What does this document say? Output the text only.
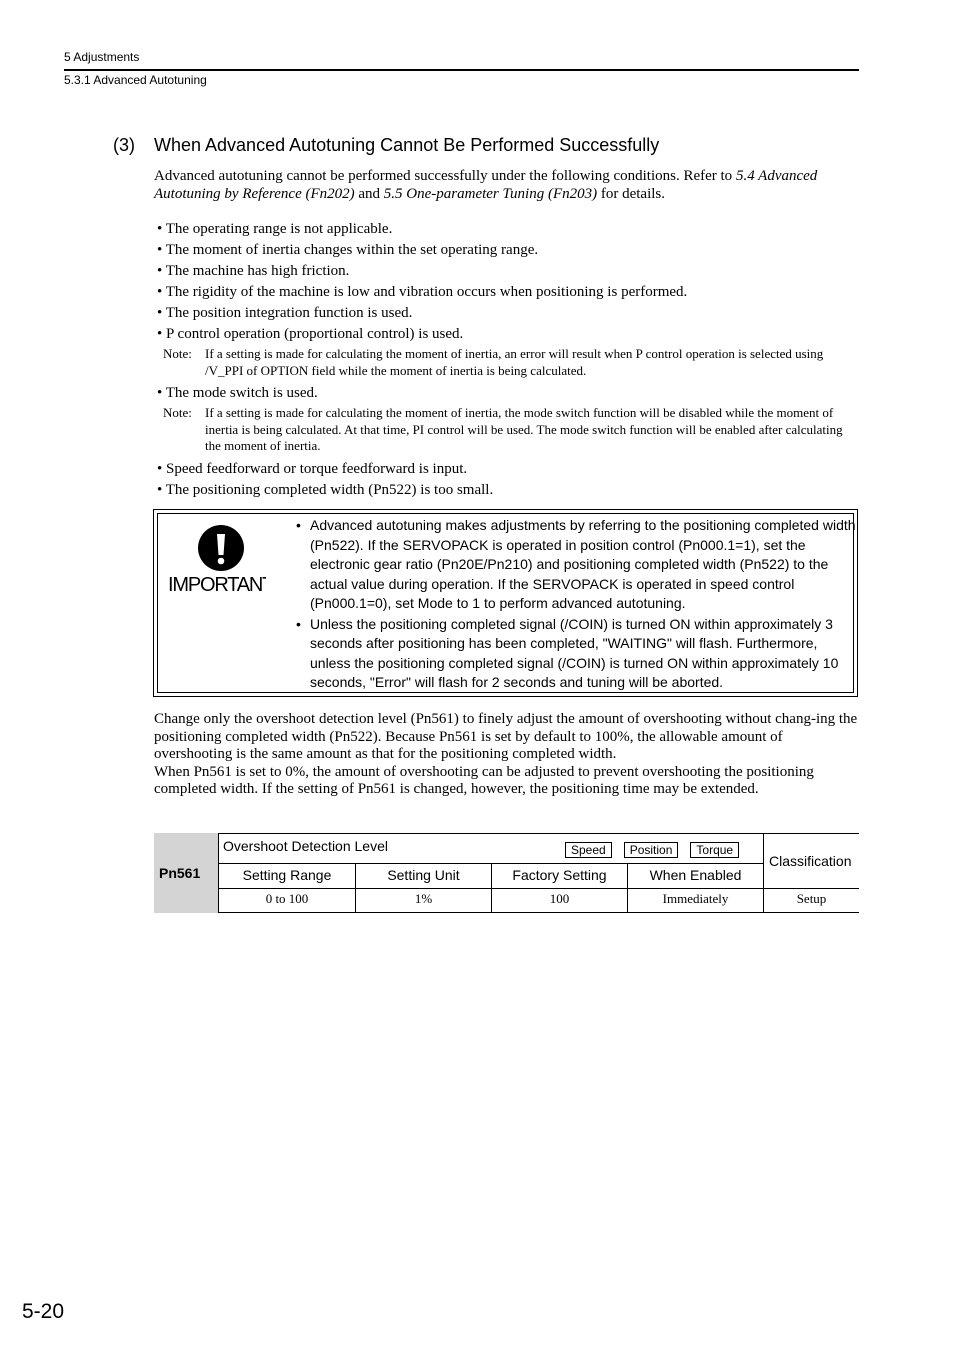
5 Adjustments
5.3.1 Advanced Autotuning
(3) When Advanced Autotuning Cannot Be Performed Successfully
Advanced autotuning cannot be performed successfully under the following conditions. Refer to 5.4 Advanced Autotuning by Reference (Fn202) and 5.5 One-parameter Tuning (Fn203) for details.
• The operating range is not applicable.
• The moment of inertia changes within the set operating range.
• The machine has high friction.
• The rigidity of the machine is low and vibration occurs when positioning is performed.
• The position integration function is used.
• P control operation (proportional control) is used.
Note: If a setting is made for calculating the moment of inertia, an error will result when P control operation is selected using /V_PPI of OPTION field while the moment of inertia is being calculated.
• The mode switch is used.
Note: If a setting is made for calculating the moment of inertia, the mode switch function will be disabled while the moment of inertia is being calculated. At that time, PI control will be used. The mode switch function will be enabled after calculating the moment of inertia.
• Speed feedforward or torque feedforward is input.
• The positioning completed width (Pn522) is too small.
IMPORTANT
• Advanced autotuning makes adjustments by referring to the positioning completed width (Pn522). If the SERVOPACK is operated in position control (Pn000.1=1), set the electronic gear ratio (Pn20E/Pn210) and positioning completed width (Pn522) to the actual value during operation. If the SERVOPACK is operated in speed control (Pn000.1=0), set Mode to 1 to perform advanced autotuning.
• Unless the positioning completed signal (/COIN) is turned ON within approximately 3 seconds after positioning has been completed, "WAITING" will flash. Furthermore, unless the positioning completed signal (/COIN) is turned ON within approximately 10 seconds, "Error" will flash for 2 seconds and tuning will be aborted.
Change only the overshoot detection level (Pn561) to finely adjust the amount of overshooting without chang-ing the positioning completed width (Pn522). Because Pn561 is set by default to 100%, the allowable amount of overshooting is the same amount as that for the positioning completed width.
When Pn561 is set to 0%, the amount of overshooting can be adjusted to prevent overshooting the positioning completed width. If the setting of Pn561 is changed, however, the positioning time may be extended.
Pn561
Overshoot Detection Level	Speed Position Torque
Classification
Setting Range	Setting Unit	Factory Setting	When Enabled
0 to 100	1%	100	Immediately	Setup
5-20
